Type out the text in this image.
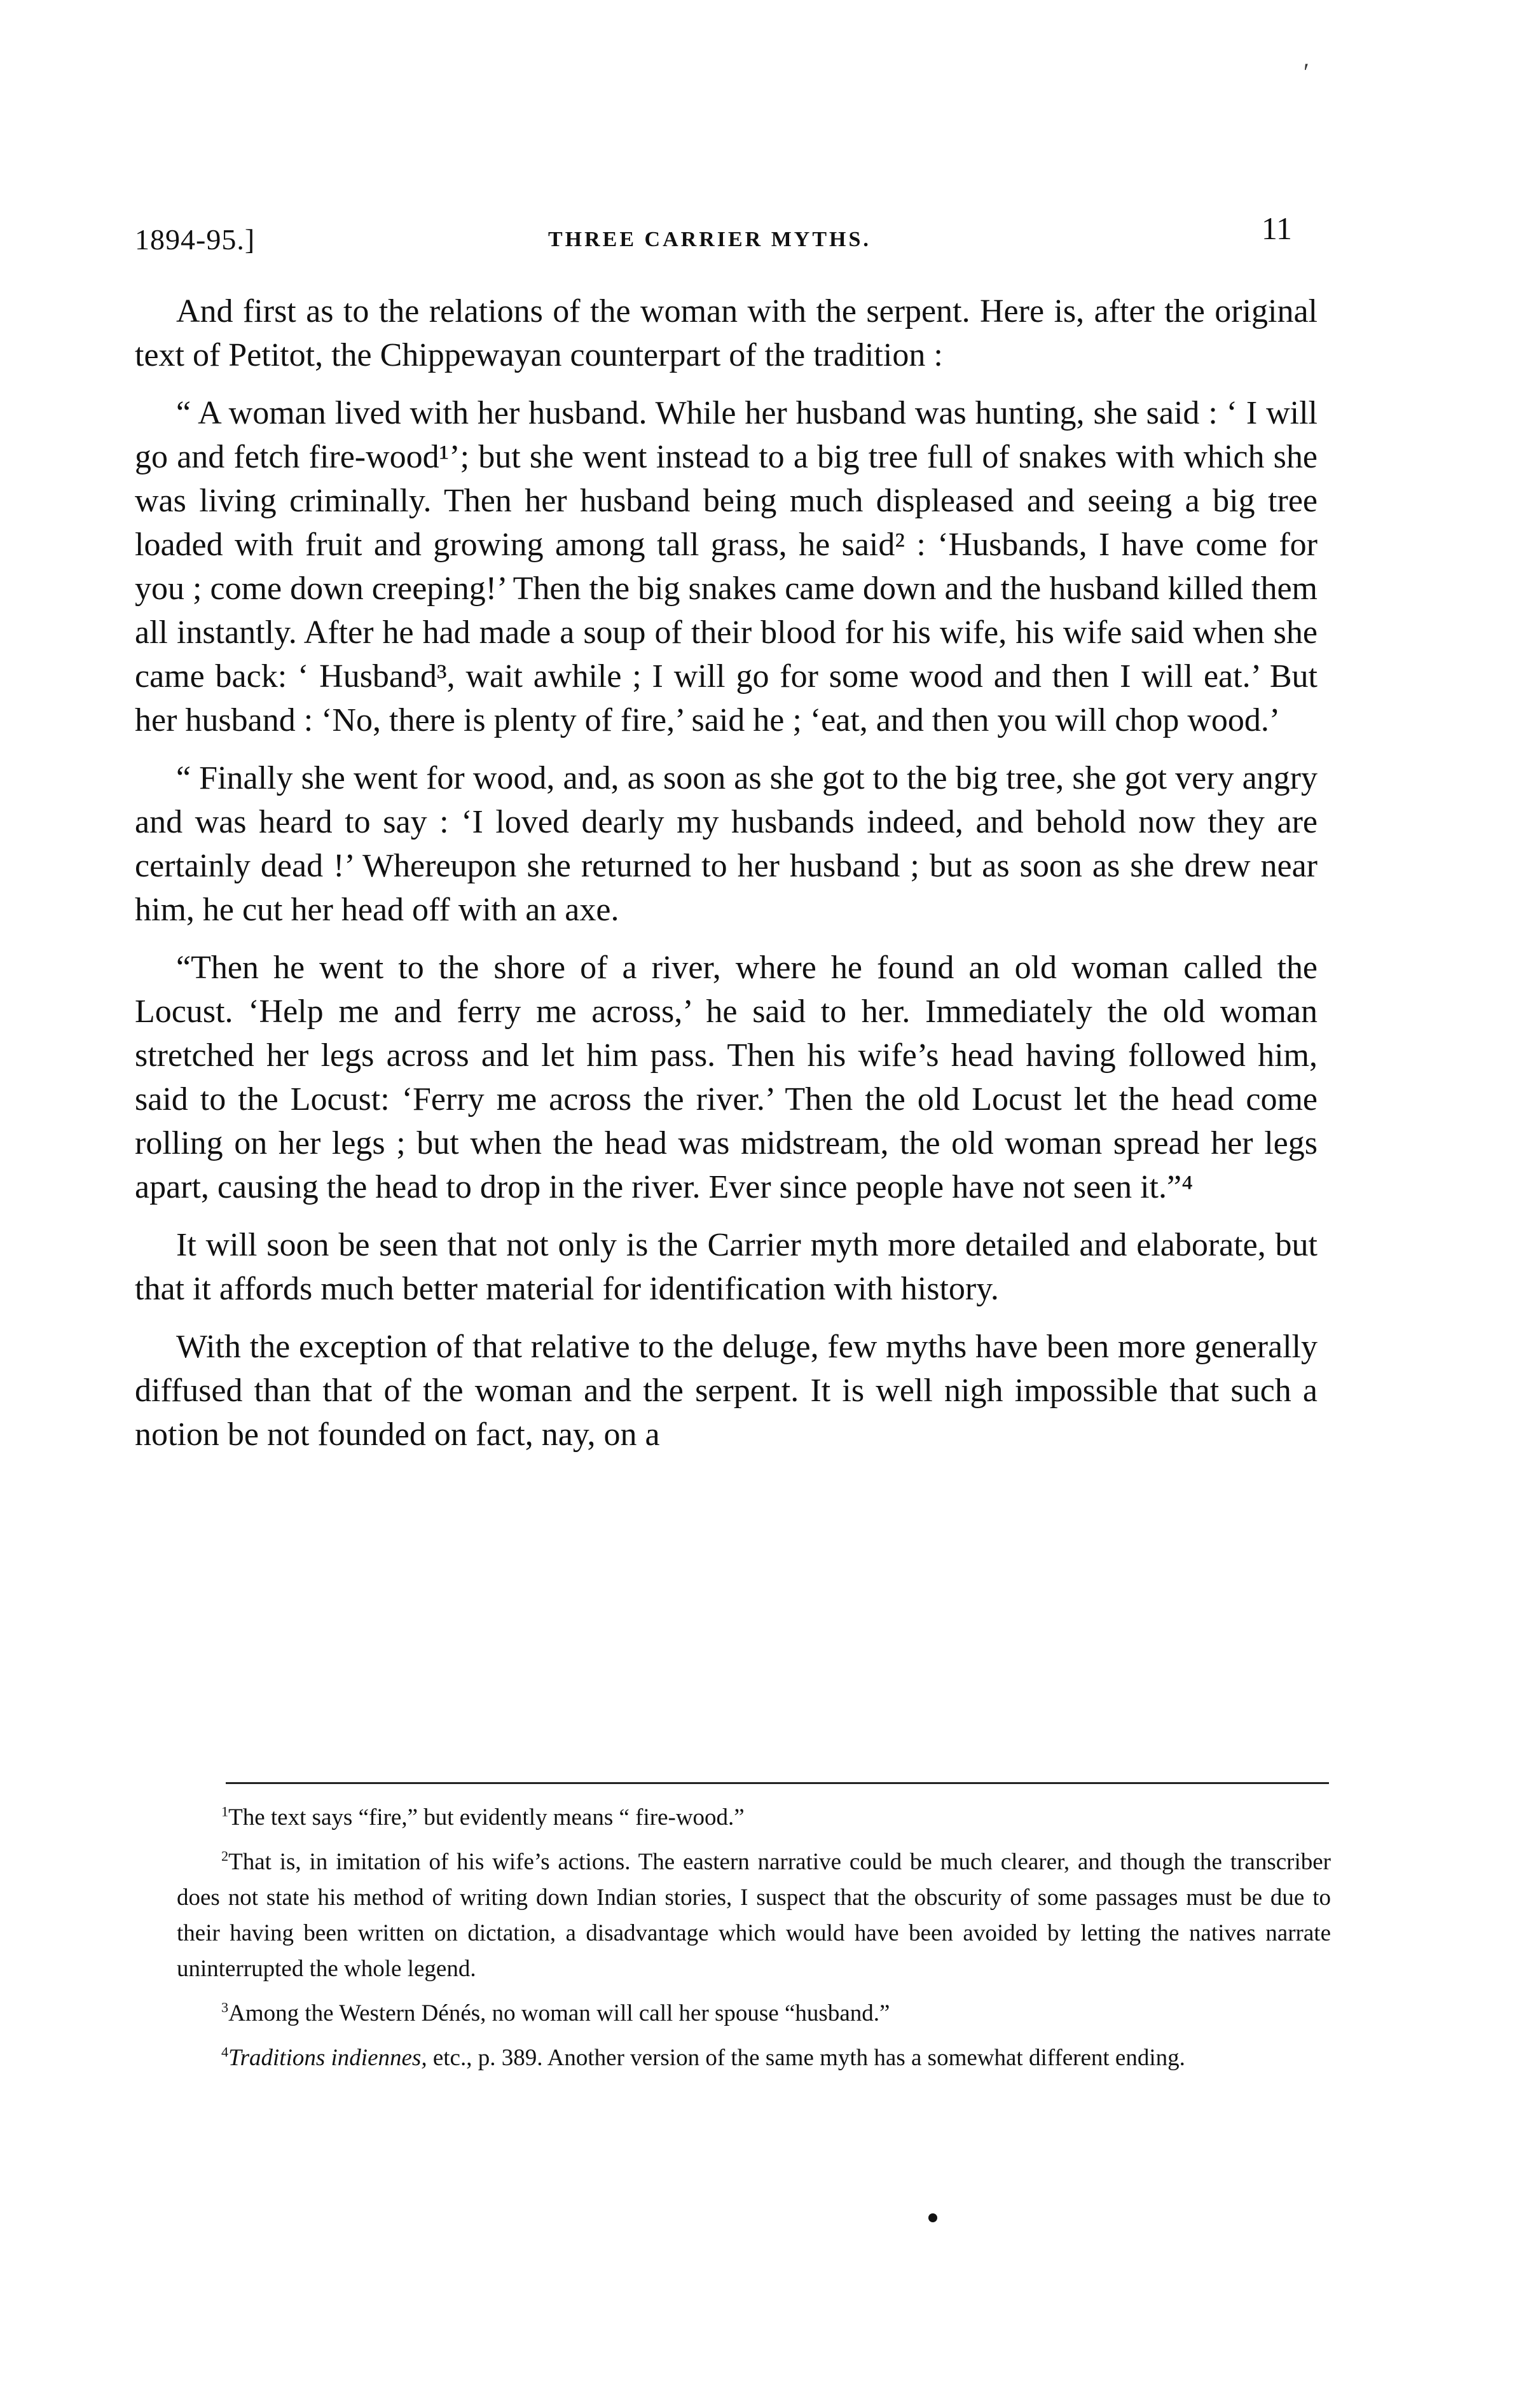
′
1894-95.]	THREE CARRIER MYTHS.	11

And first as to the relations of the woman with the serpent. Here is, after the original text of Petitot, the Chippewayan counterpart of the tradition :

“ A woman lived with her husband. While her husband was hunting, she said : ‘ I will go and fetch fire-wood¹’; but she went instead to a big tree full of snakes with which she was living criminally. Then her husband being much displeased and seeing a big tree loaded with fruit and growing among tall grass, he said² : ‘Husbands, I have come for you ; come down creeping!’ Then the big snakes came down and the husband killed them all instantly. After he had made a soup of their blood for his wife, his wife said when she came back: ‘ Husband³, wait awhile ; I will go for some wood and then I will eat.’ But her husband : ‘No, there is plenty of fire,’ said he ; ‘eat, and then you will chop wood.’

“ Finally she went for wood, and, as soon as she got to the big tree, she got very angry and was heard to say : ‘I loved dearly my husbands indeed, and behold now they are certainly dead !’ Whereupon she returned to her husband ; but as soon as she drew near him, he cut her head off with an axe.

“Then he went to the shore of a river, where he found an old woman called the Locust. ‘Help me and ferry me across,’ he said to her. Immediately the old woman stretched her legs across and let him pass. Then his wife’s head having followed him, said to the Locust: ‘Ferry me across the river.’ Then the old Locust let the head come rolling on her legs ; but when the head was midstream, the old woman spread her legs apart, causing the head to drop in the river. Ever since people have not seen it.”⁴

It will soon be seen that not only is the Carrier myth more detailed and elaborate, but that it affords much better material for identification with history.

With the exception of that relative to the deluge, few myths have been more generally diffused than that of the woman and the serpent. It is well nigh impossible that such a notion be not founded on fact, nay, on a

$^1$The text says “fire,” but evidently means “ fire-wood.”

$^2$That is, in imitation of his wife’s actions. The eastern narrative could be much clearer, and though the transcriber does not state his method of writing down Indian stories, I suspect that the obscurity of some passages must be due to their having been written on dictation, a disadvantage which would have been avoided by letting the natives narrate uninterrupted the whole legend.

$^3$Among the Western Dénés, no woman will call her spouse “husband.”

$^4$Traditions indiennes, etc., p. 389. Another version of the same myth has a somewhat different ending.
